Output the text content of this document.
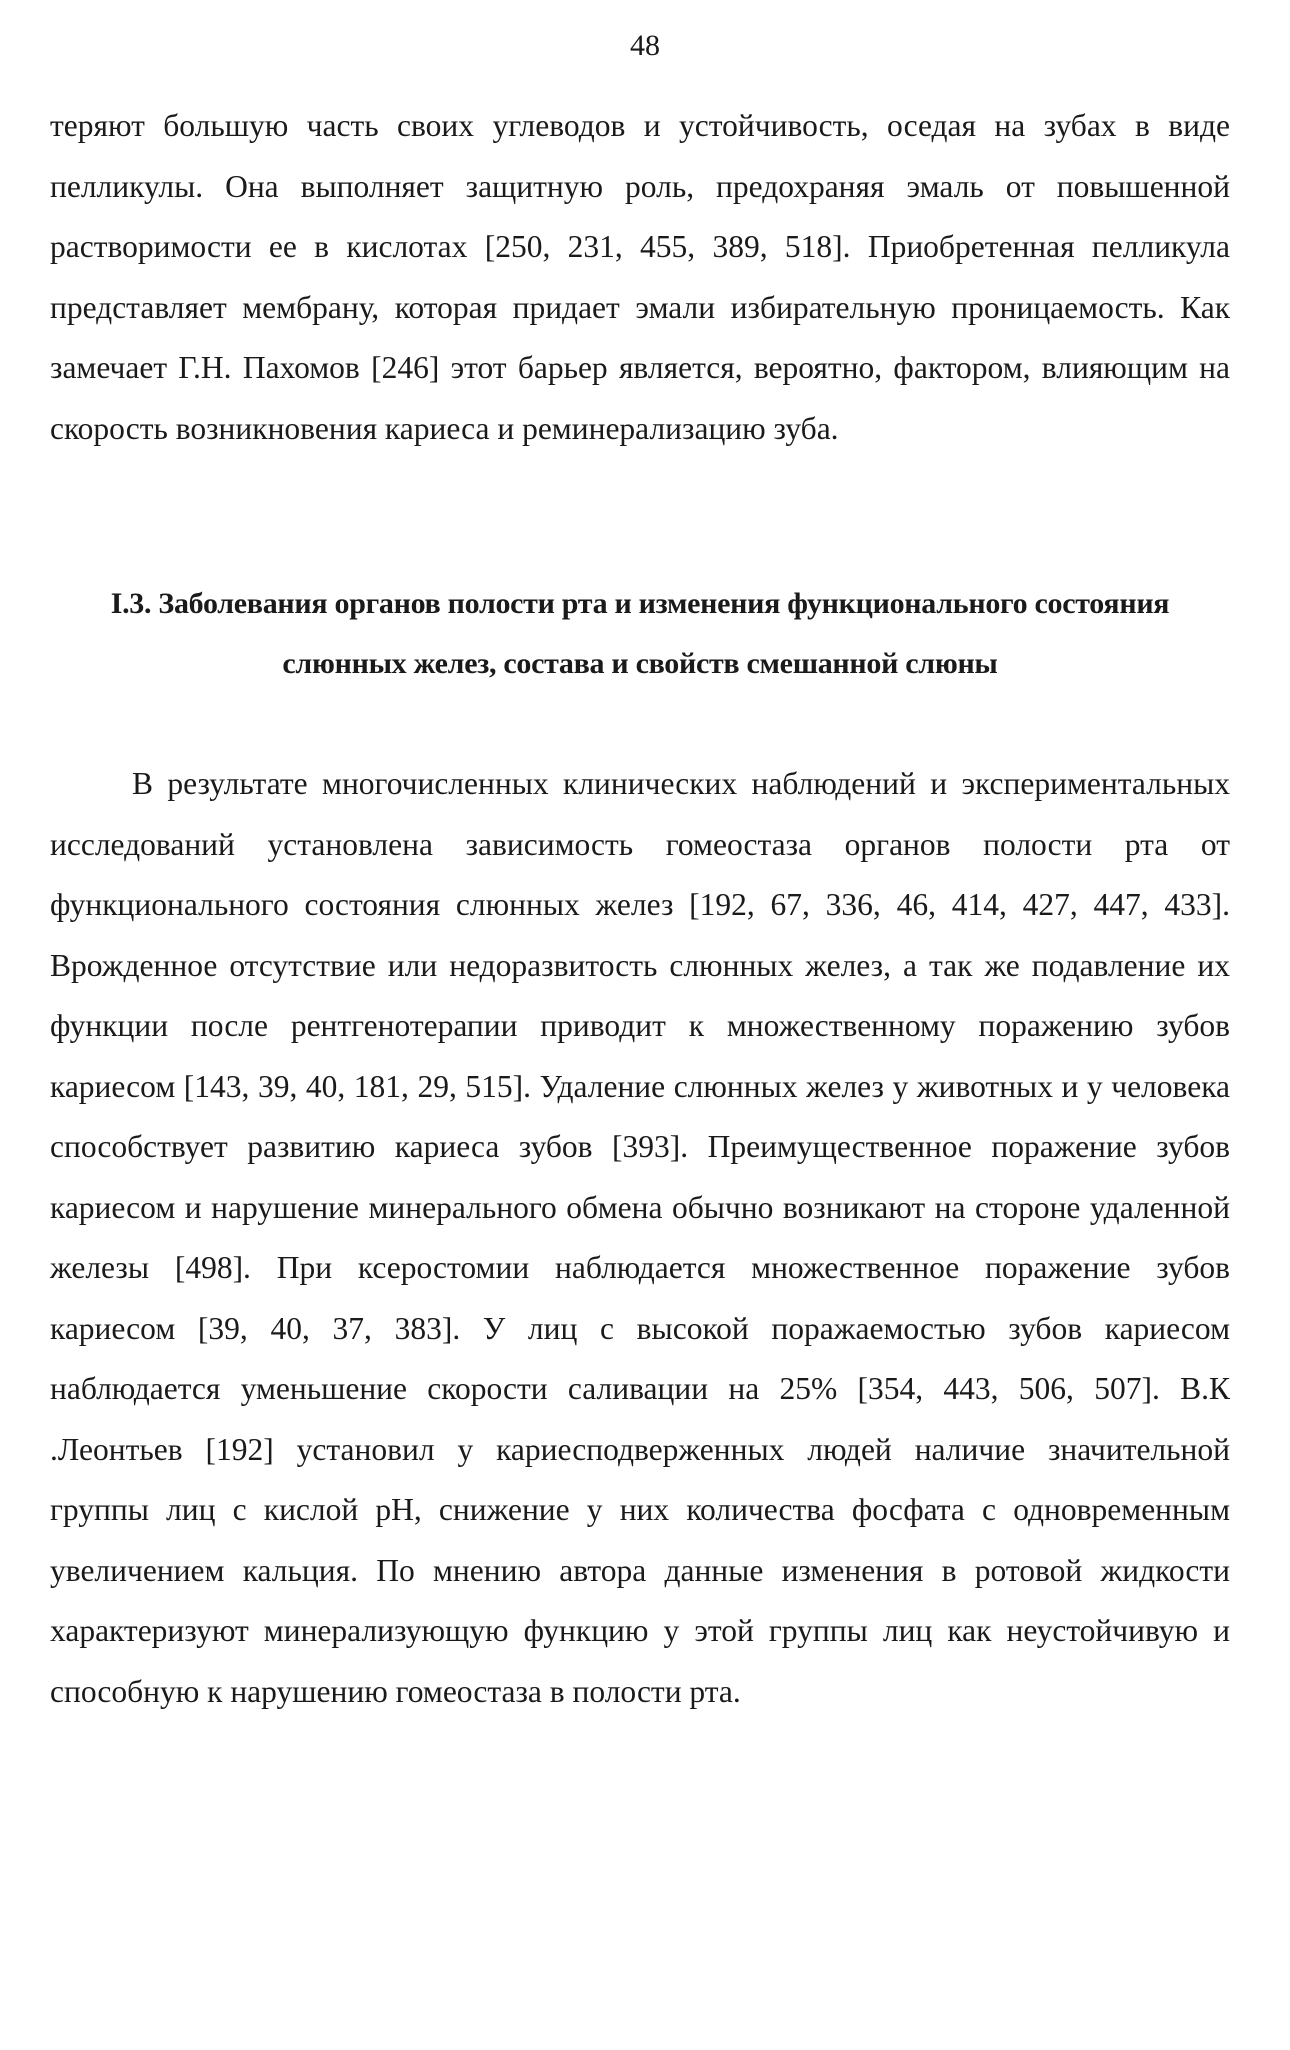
48

теряют большую часть своих углеводов и устойчивость, оседая на зубах в виде пелликулы. Она выполняет защитную роль, предохраняя эмаль от повышенной растворимости ее в кислотах [250, 231, 455, 389, 518]. Приобретенная пелликула представляет мембрану, которая придает эмали избирательную проницаемость. Как замечает Г.Н. Пахомов [246] этот барьер является, вероятно, фактором, влияющим на скорость возникновения кариеса и реминерализацию зуба.

I.3. Заболевания органов полости рта и изменения функционального состояния слюнных желез, состава и свойств смешанной слюны

В результате многочисленных клинических наблюдений и экспериментальных исследований установлена зависимость гомеостаза органов полости рта от функционального состояния слюнных желез [192, 67, 336, 46, 414, 427, 447, 433]. Врожденное отсутствие или недоразвитость слюнных желез, а так же подавление их функции после рентгенотерапии приводит к множественному поражению зубов кариесом [143, 39, 40, 181, 29, 515]. Удаление слюнных желез у животных и у человека способствует развитию кариеса зубов [393]. Преимущественное поражение зубов кариесом и нарушение минерального обмена обычно возникают на стороне удаленной железы [498]. При ксеростомии наблюдается множественное поражение зубов кариесом [39, 40, 37, 383]. У лиц с высокой поражаемостью зубов кариесом наблюдается уменьшение скорости саливации на 25% [354, 443, 506, 507]. В.К .Леонтьев [192] установил у кариесподверженных людей наличие значительной группы лиц с кислой pH, снижение у них количества фосфата с одновременным увеличением кальция. По мнению автора данные изменения в ротовой жидкости характеризуют минерализующую функцию у этой группы лиц как неустойчивую и способную к нарушению гомеостаза в полости рта.
